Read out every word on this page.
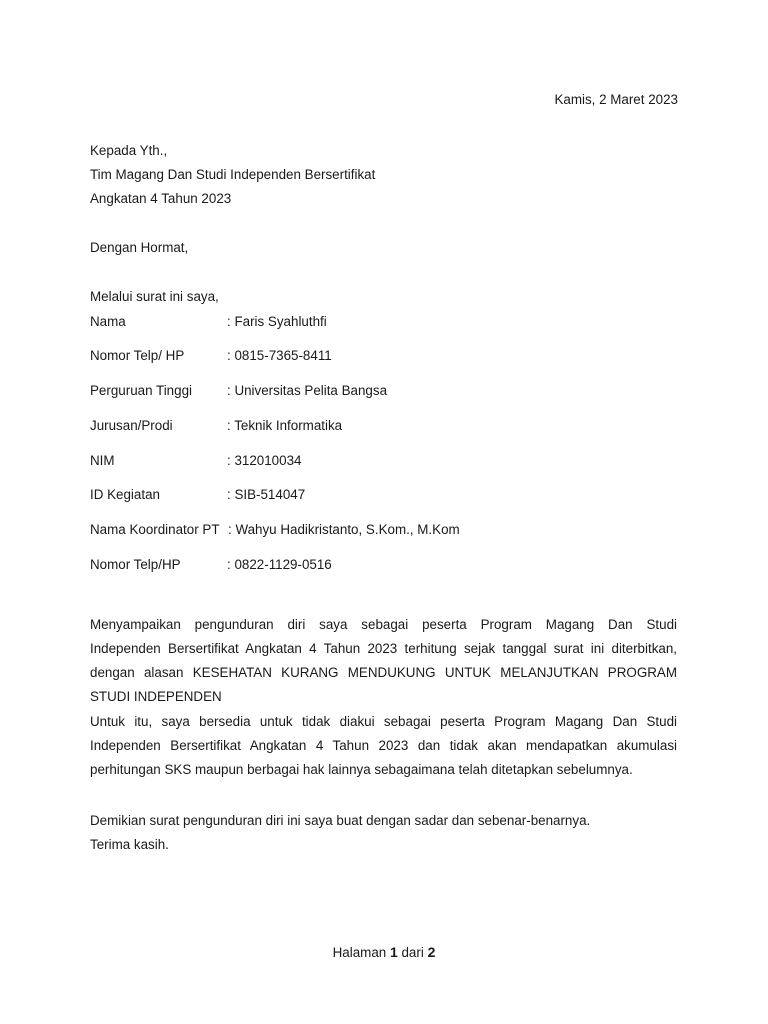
Kamis, 2 Maret 2023
Kepada Yth.,
Tim Magang Dan Studi Independen Bersertifikat
Angkatan 4 Tahun 2023
Dengan Hormat,
Melalui surat ini saya,
Nama	: Faris Syahluthfi
Nomor Telp/ HP	: 0815-7365-8411
Perguruan Tinggi	: Universitas Pelita Bangsa
Jurusan/Prodi	: Teknik Informatika
NIM	: 312010034
ID Kegiatan	: SIB-514047
Nama Koordinator PT : Wahyu Hadikristanto, S.Kom., M.Kom
Nomor Telp/HP	: 0822-1129-0516
Menyampaikan pengunduran diri saya sebagai peserta Program Magang Dan Studi
Independen Bersertifikat Angkatan 4 Tahun 2023 terhitung sejak tanggal surat ini diterbitkan,
dengan alasan KESEHATAN KURANG MENDUKUNG UNTUK MELANJUTKAN PROGRAM
STUDI INDEPENDEN
Untuk itu, saya bersedia untuk tidak diakui sebagai peserta Program Magang Dan Studi
Independen Bersertifikat Angkatan 4 Tahun 2023 dan tidak akan mendapatkan akumulasi
perhitungan SKS maupun berbagai hak lainnya sebagaimana telah ditetapkan sebelumnya.
Demikian surat pengunduran diri ini saya buat dengan sadar dan sebenar-benarnya.
Terima kasih.
Halaman 1 dari 2
